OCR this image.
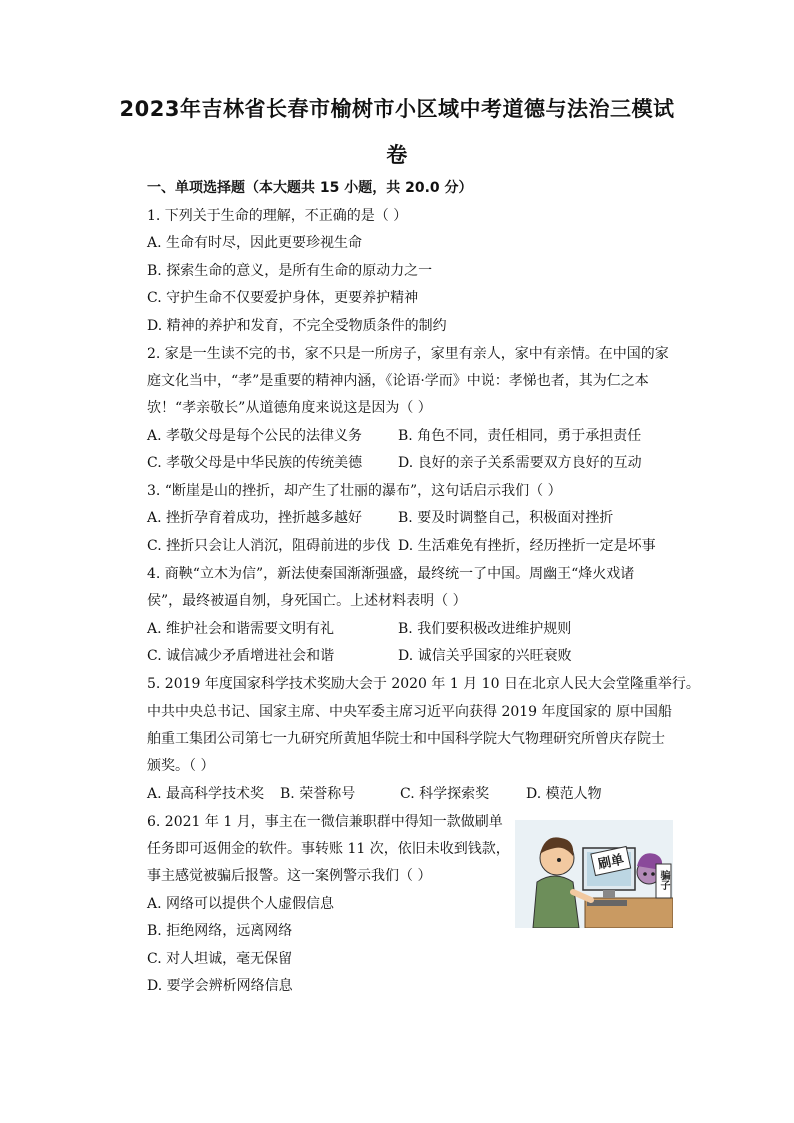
2023年吉林省长春市榆树市小区域中考道德与法治三模试
卷

一、单项选择题（本大题共 15 小题，共 20.0 分）

1. 下列关于生命的理解，不正确的是（ ）

A. 生命有时尽，因此更要珍视生命

B. 探索生命的意义，是所有生命的原动力之一

C. 守护生命不仅要爱护身体，更要养护精神

D. 精神的养护和发育，不完全受物质条件的制约

2. 家是一生读不完的书，家不只是一所房子，家里有亲人，家中有亲情。在中国的家

庭文化当中，“孝”是重要的精神内涵，《论语·学而》中说：孝悌也者，其为仁之本

欤！“孝亲敬长”从道德角度来说这是因为（ ）

A. 孝敬父母是每个公民的法律义务	B. 角色不同，责任相同，勇于承担责任
C. 孝敬父母是中华民族的传统美德	D. 良好的亲子关系需要双方良好的互动

3. “断崖是山的挫折，却产生了壮丽的瀑布”，这句话启示我们（ ）

A. 挫折孕育着成功，挫折越多越好	B. 要及时调整自己，积极面对挫折
C. 挫折只会让人消沉，阻碍前进的步伐 D. 生活难免有挫折，经历挫折一定是坏事

4. 商鞅“立木为信”，新法使秦国渐渐强盛，最终统一了中国。周幽王“烽火戏诸

侯”，最终被逼自刎，身死国亡。上述材料表明（ ）

A. 维护社会和谐需要文明有礼	B. 我们要积极改进维护规则
C. 诚信减少矛盾增进社会和谐	D. 诚信关乎国家的兴旺衰败

5. 2019 年度国家科学技术奖励大会于 2020 年 1 月 10 日在北京人民大会堂隆重举行。

中共中央总书记、国家主席、中央军委主席习近平向获得 2019 年度国家的 原中国船

舶重工集团公司第七一九研究所黄旭华院士和中国科学院大气物理研究所曾庆存院士

颁奖。（ ）

A. 最高科学技术奖 B. 荣誉称号	C. 科学探索奖	D. 模范人物

6. 2021 年 1 月，事主在一微信兼职群中得知一款做刷单

任务即可返佣金的软件。事转账 11 次，依旧未收到钱款，

事主感觉被骗后报警。这一案例警示我们（ ）

A. 网络可以提供个人虚假信息

B. 拒绝网络，远离网络

C. 对人坦诚，毫无保留

D. 要学会辨析网络信息

刷单
骗子
